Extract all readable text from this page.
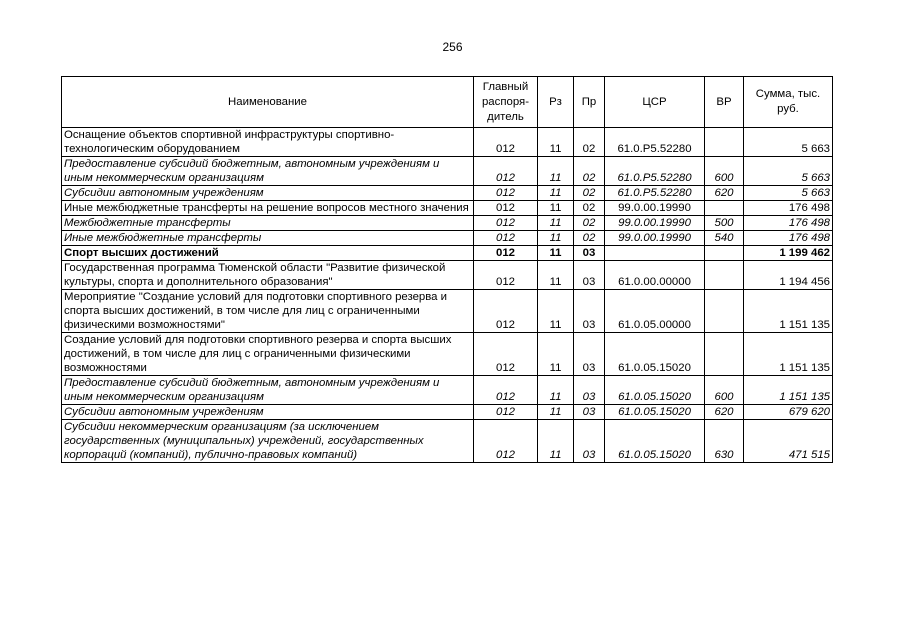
256
Наименование	Главный распоря-дитель	Рз	Пр	ЦСР	ВР	Сумма, тыс. руб.
Оснащение объектов спортивной инфраструктуры спортивно-технологическим оборудованием	012	11	02	61.0.P5.52280		5 663
Предоставление субсидий бюджетным, автономным учреждениям и иным некоммерческим организациям	012	11	02	61.0.P5.52280	600	5 663
Субсидии автономным учреждениям	012	11	02	61.0.P5.52280	620	5 663
Иные межбюджетные трансферты на решение вопросов местного значения	012	11	02	99.0.00.19990		176 498
Межбюджетные трансферты	012	11	02	99.0.00.19990	500	176 498
Иные межбюджетные трансферты	012	11	02	99.0.00.19990	540	176 498
Спорт высших достижений	012	11	03			1 199 462
Государственная программа Тюменской области "Развитие физической культуры, спорта и дополнительного образования"	012	11	03	61.0.00.00000		1 194 456
Мероприятие "Создание условий для подготовки спортивного резерва и спорта высших достижений, в том числе для лиц с ограниченными физическими возможностями"	012	11	03	61.0.05.00000		1 151 135
Создание условий для подготовки спортивного резерва и спорта высших достижений, в том числе для лиц с ограниченными физическими возможностями	012	11	03	61.0.05.15020		1 151 135
Предоставление субсидий бюджетным, автономным учреждениям и иным некоммерческим организациям	012	11	03	61.0.05.15020	600	1 151 135
Субсидии автономным учреждениям	012	11	03	61.0.05.15020	620	679 620
Субсидии некоммерческим организациям (за исключением государственных (муниципальных) учреждений, государственных корпораций (компаний), публично-правовых компаний)	012	11	03	61.0.05.15020	630	471 515
